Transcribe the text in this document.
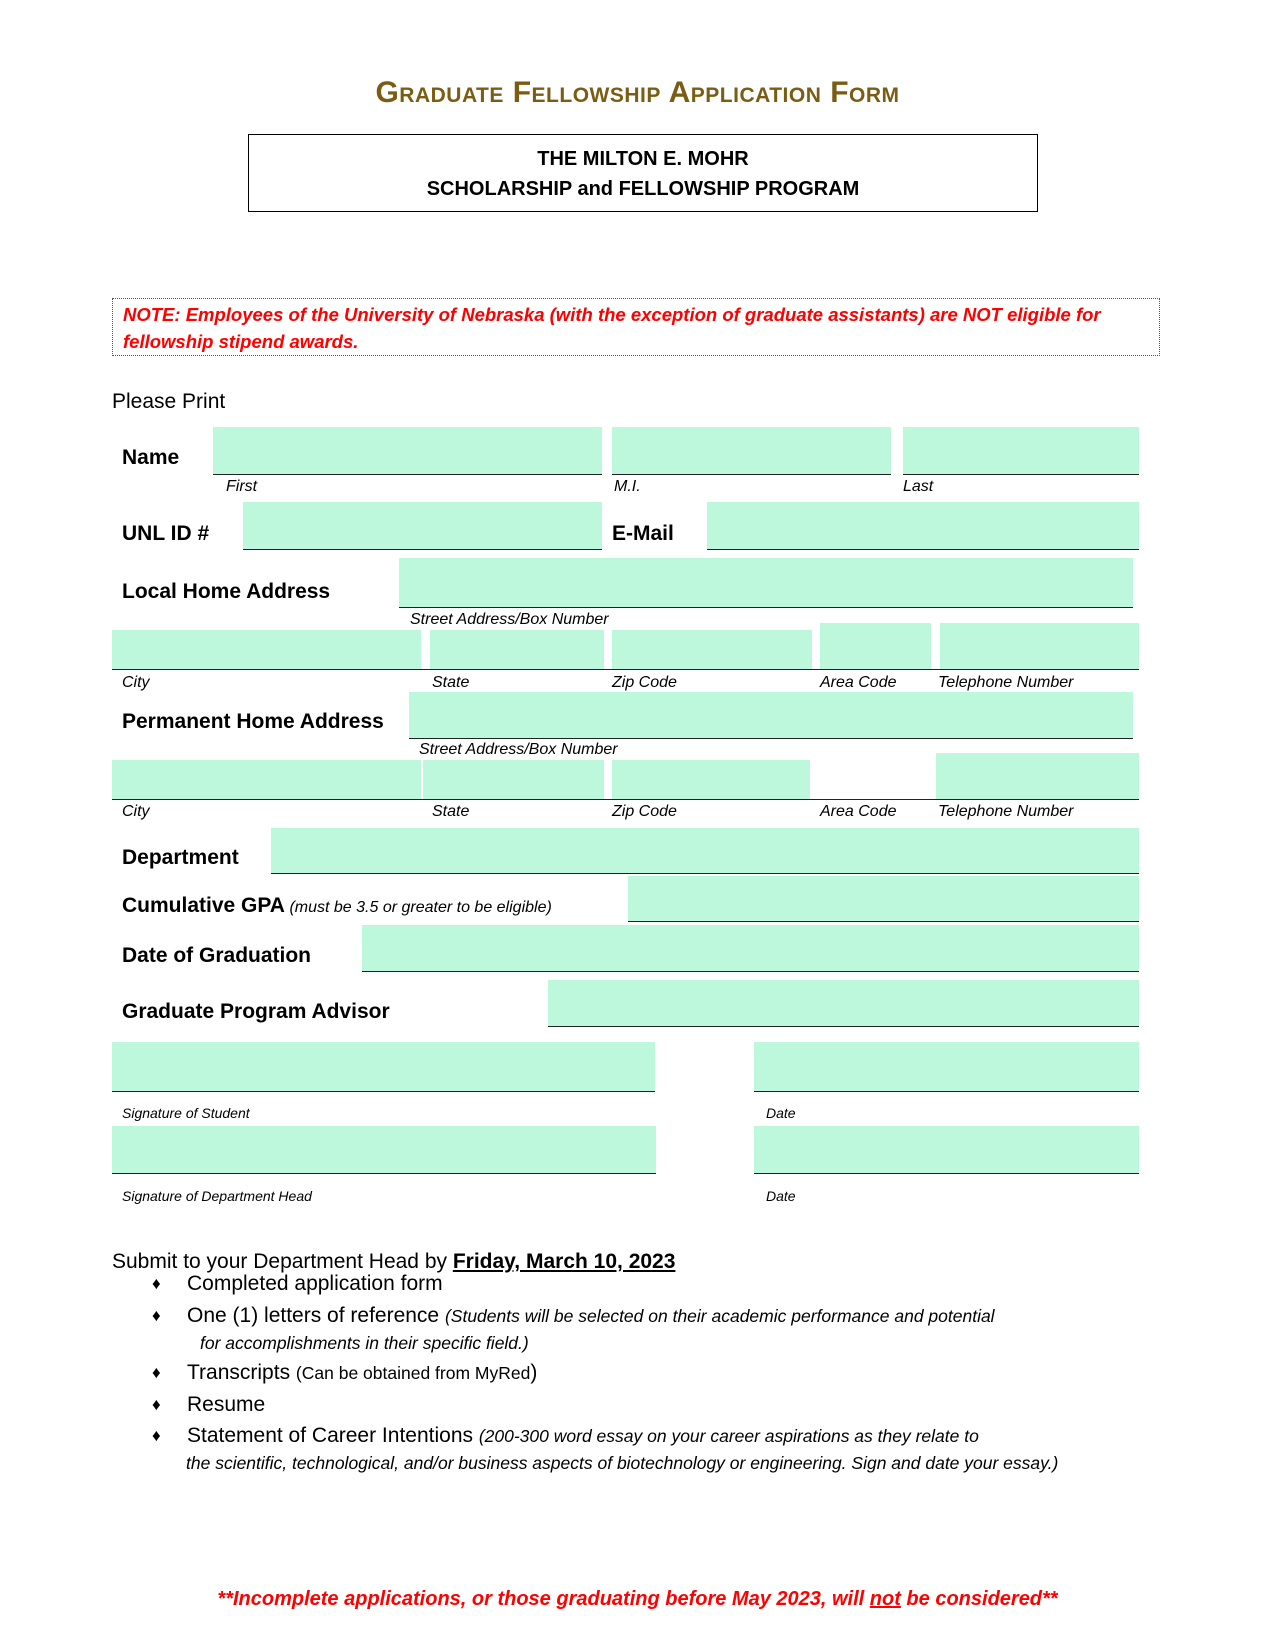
Graduate Fellowship Application Form
THE MILTON E. MOHR
SCHOLARSHIP and FELLOWSHIP PROGRAM
NOTE: Employees of the University of Nebraska (with the exception of graduate assistants) are NOT eligible for fellowship stipend awards.
Please Print
Name
First	M.I.	Last
UNL ID #	E-Mail
Local Home Address
Street Address/Box Number
City	State	Zip Code	Area Code	Telephone Number
Permanent Home Address
Street Address/Box Number
City	State	Zip Code	Area Code	Telephone Number
Department
Cumulative GPA (must be 3.5 or greater to be eligible)
Date of Graduation
Graduate Program Advisor
Signature of Student	Date
Signature of Department Head	Date
Submit to your Department Head by Friday, March 10, 2023
♦ Completed application form
♦ One (1) letters of reference (Students will be selected on their academic performance and potential
for accomplishments in their specific field.)
♦ Transcripts (Can be obtained from MyRed)
♦ Resume
♦ Statement of Career Intentions (200-300 word essay on your career aspirations as they relate to
the scientific, technological, and/or business aspects of biotechnology or engineering. Sign and date your essay.)
**Incomplete applications, or those graduating before May 2023, will not be considered**
